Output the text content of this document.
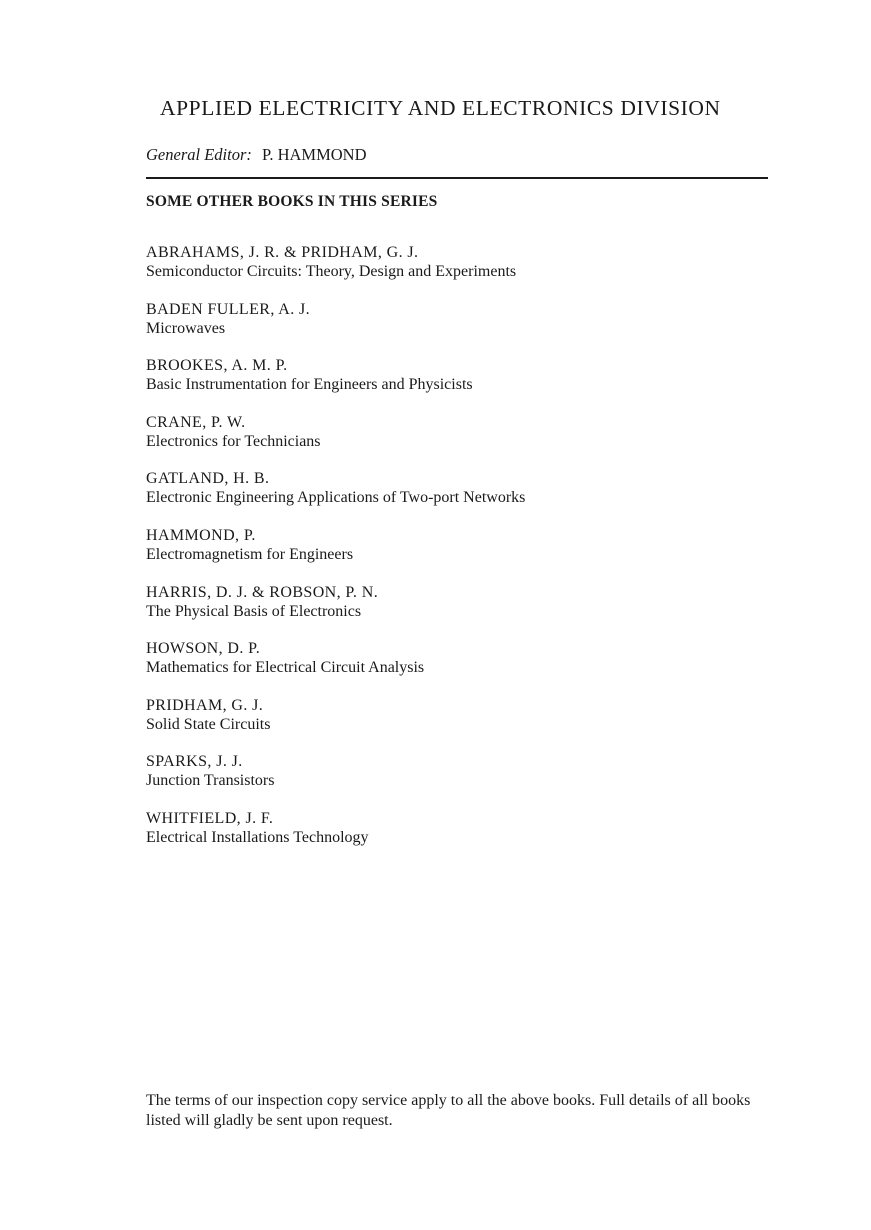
APPLIED ELECTRICITY AND ELECTRONICS DIVISION
General Editor: P. HAMMOND
SOME OTHER BOOKS IN THIS SERIES
ABRAHAMS, J. R. & PRIDHAM, G. J.
Semiconductor Circuits: Theory, Design and Experiments
BADEN FULLER, A. J.
Microwaves
BROOKES, A. M. P.
Basic Instrumentation for Engineers and Physicists
CRANE, P. W.
Electronics for Technicians
GATLAND, H. B.
Electronic Engineering Applications of Two-port Networks
HAMMOND, P.
Electromagnetism for Engineers
HARRIS, D. J. & ROBSON, P. N.
The Physical Basis of Electronics
HOWSON, D. P.
Mathematics for Electrical Circuit Analysis
PRIDHAM, G. J.
Solid State Circuits
SPARKS, J. J.
Junction Transistors
WHITFIELD, J. F.
Electrical Installations Technology
The terms of our inspection copy service apply to all the above books. Full details of all books listed will gladly be sent upon request.
